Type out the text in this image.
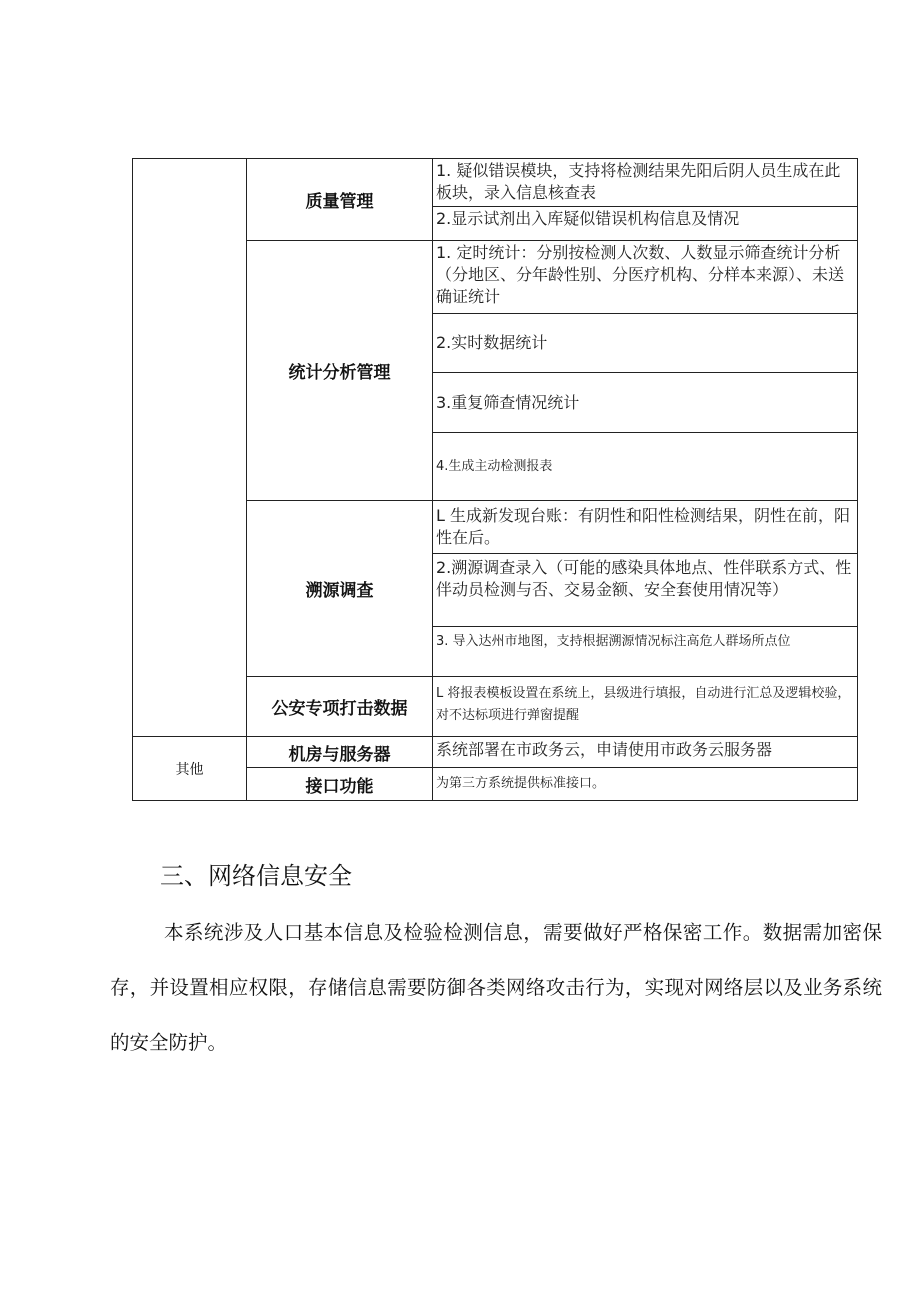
质量管理
统计分析管理
溯源调查
公安专项打击数据
机房与服务器
接口功能
其他
1. 疑似错误模块，支持将检测结果先阳后阴人员生成在此板块，录入信息核查表
2.显示试剂出入库疑似错误机构信息及情况
1. 定时统计：分别按检测人次数、人数显示筛查统计分析（分地区、分年龄性别、分医疗机构、分样本来源）、未送确证统计
2.实时数据统计
3.重复筛查情况统计
4.生成主动检测报表
L 生成新发现台账：有阴性和阳性检测结果，阴性在前，阳性在后。
2.溯源调查录入（可能的感染具体地点、性伴联系方式、性伴动员检测与否、交易金额、安全套使用情况等）
3. 导入达州市地图，支持根据溯源情况标注高危人群场所点位
L 将报表模板设置在系统上，县级进行填报，自动进行汇总及逻辑校验，对不达标项进行弹窗提醒
系统部署在市政务云，申请使用市政务云服务器
为第三方系统提供标准接口。
三、网络信息安全

本系统涉及人口基本信息及检验检测信息，需要做好严格保密工作。数据需加密保存，并设置相应权限，存储信息需要防御各类网络攻击行为，实现对网络层以及业务系统的安全防护。
